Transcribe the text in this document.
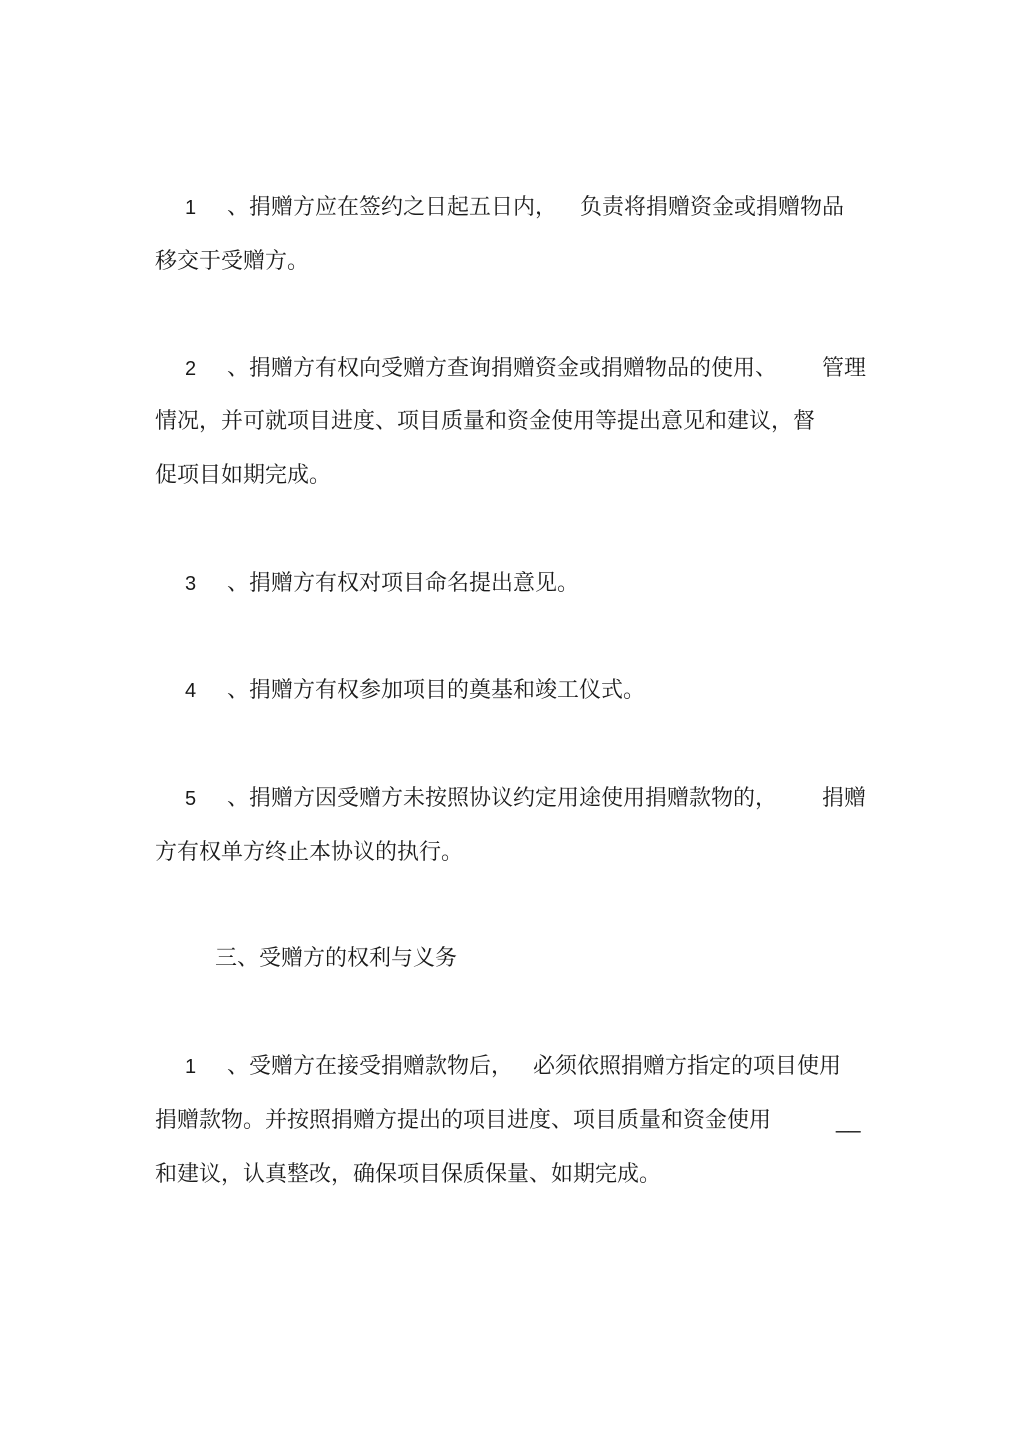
1 、捐赠方应在签约之日起五日内， 负责将捐赠资金或捐赠物品
移交于受赠方。
2 、捐赠方有权向受赠方查询捐赠资金或捐赠物品的使用、 管理
情况，并可就项目进度、项目质量和资金使用等提出意见和建议，督
促项目如期完成。
3 、捐赠方有权对项目命名提出意见。
4 、捐赠方有权参加项目的奠基和竣工仪式。
5 、捐赠方因受赠方未按照协议约定用途使用捐赠款物的， 捐赠
方有权单方终止本协议的执行。
三、受赠方的权利与义务
1 、受赠方在接受捐赠款物后， 必须依照捐赠方指定的项目使用
捐赠款物。并按照捐赠方提出的项目进度、项目质量和资金使用	__
和建议，认真整改，确保项目保质保量、如期完成。
